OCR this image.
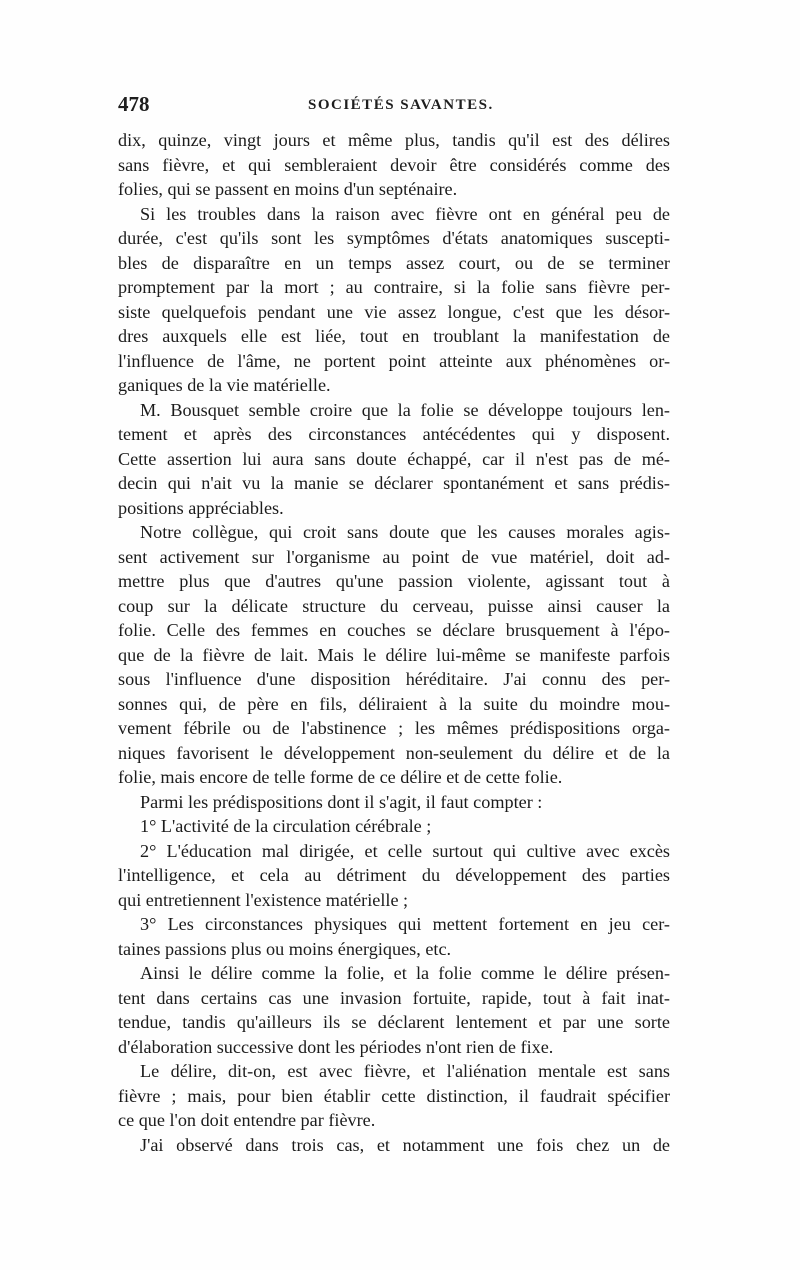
478	SOCIÉTÉS SAVANTES.
dix, quinze, vingt jours et même plus, tandis qu'il est des délires
sans fièvre, et qui sembleraient devoir être considérés comme des
folies, qui se passent en moins d'un septénaire.
Si les troubles dans la raison avec fièvre ont en général peu de
durée, c'est qu'ils sont les symptômes d'états anatomiques suscepti-
bles de disparaître en un temps assez court, ou de se terminer
promptement par la mort ; au contraire, si la folie sans fièvre per-
siste quelquefois pendant une vie assez longue, c'est que les désor-
dres auxquels elle est liée, tout en troublant la manifestation de
l'influence de l'âme, ne portent point atteinte aux phénomènes or-
ganiques de la vie matérielle.
M. Bousquet semble croire que la folie se développe toujours len-
tement et après des circonstances antécédentes qui y disposent.
Cette assertion lui aura sans doute échappé, car il n'est pas de mé-
decin qui n'ait vu la manie se déclarer spontanément et sans prédis-
positions appréciables.
Notre collègue, qui croit sans doute que les causes morales agis-
sent activement sur l'organisme au point de vue matériel, doit ad-
mettre plus que d'autres qu'une passion violente, agissant tout à
coup sur la délicate structure du cerveau, puisse ainsi causer la
folie. Celle des femmes en couches se déclare brusquement à l'épo-
que de la fièvre de lait. Mais le délire lui-même se manifeste parfois
sous l'influence d'une disposition héréditaire. J'ai connu des per-
sonnes qui, de père en fils, déliraient à la suite du moindre mou-
vement fébrile ou de l'abstinence ; les mêmes prédispositions orga-
niques favorisent le développement non-seulement du délire et de la
folie, mais encore de telle forme de ce délire et de cette folie.
Parmi les prédispositions dont il s'agit, il faut compter :
1° L'activité de la circulation cérébrale ;
2° L'éducation mal dirigée, et celle surtout qui cultive avec excès
l'intelligence, et cela au détriment du développement des parties
qui entretiennent l'existence matérielle ;
3° Les circonstances physiques qui mettent fortement en jeu cer-
taines passions plus ou moins énergiques, etc.
Ainsi le délire comme la folie, et la folie comme le délire présen-
tent dans certains cas une invasion fortuite, rapide, tout à fait inat-
tendue, tandis qu'ailleurs ils se déclarent lentement et par une sorte
d'élaboration successive dont les périodes n'ont rien de fixe.
Le délire, dit-on, est avec fièvre, et l'aliénation mentale est sans
fièvre ; mais, pour bien établir cette distinction, il faudrait spécifier
ce que l'on doit entendre par fièvre.
J'ai observé dans trois cas, et notamment une fois chez un de
